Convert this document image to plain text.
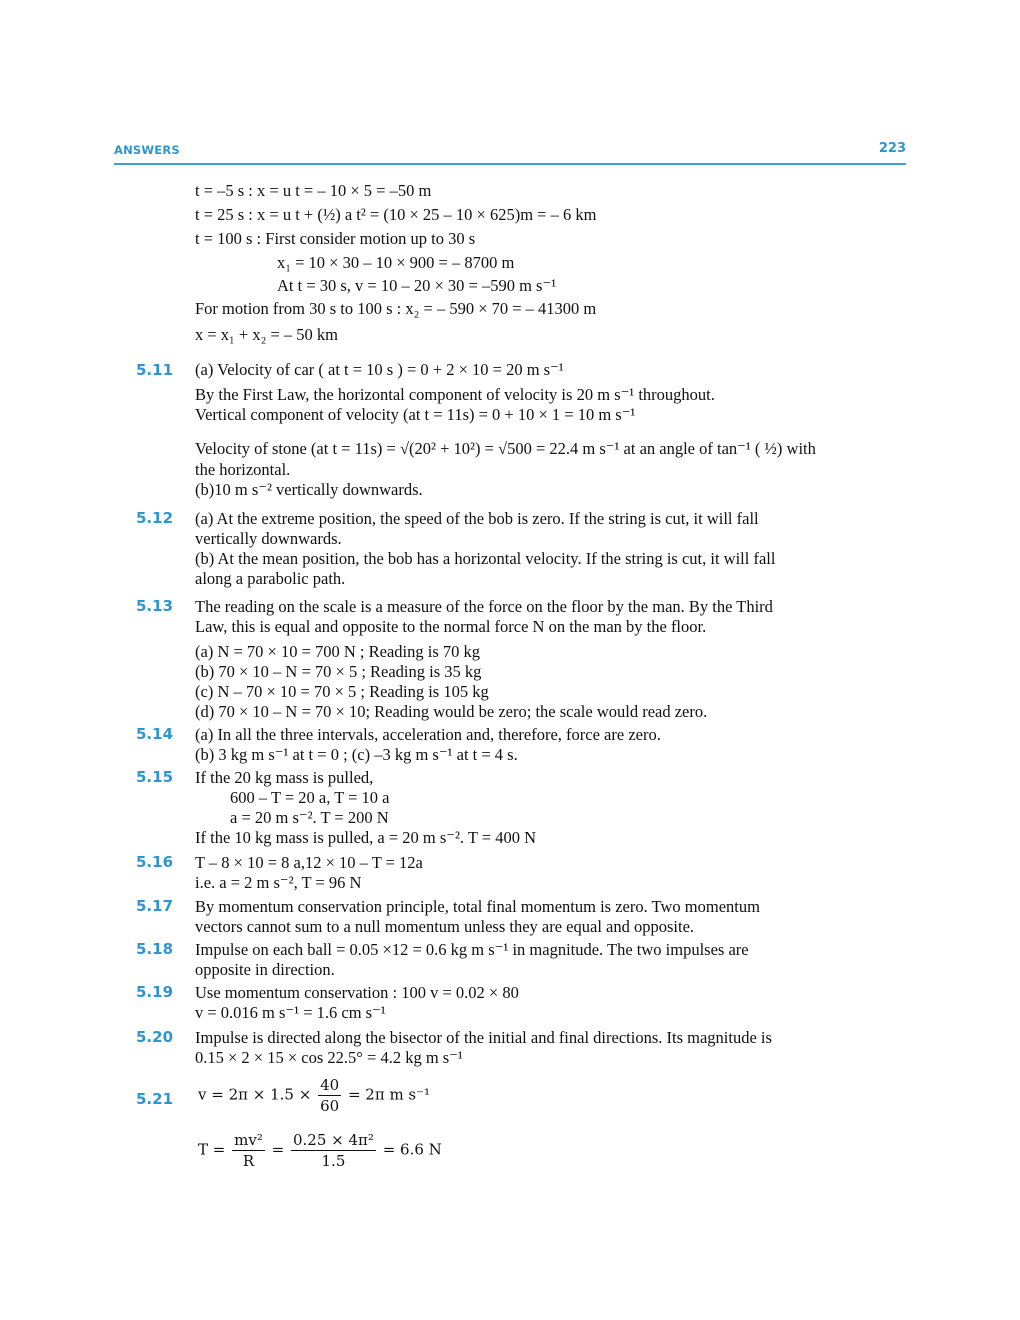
ANSWERS	223
t = –5 s : x = u t = – 10 × 5 = –50 m
t = 25 s : x = u t + (½) a t² = (10 × 25 – 10 × 625)m = – 6 km
t = 100 s : First consider motion up to 30 s
x₁ = 10 × 30 – 10 × 900 = – 8700 m
At t = 30 s, v = 10 – 20 × 30 = –590 m s⁻¹
For motion from 30 s to 100 s : x₂ = – 590 × 70 = – 41300 m
x = x₁ + x₂ = – 50 km
5.11 (a) Velocity of car ( at t = 10 s ) = 0 + 2 × 10 = 20 m s⁻¹
By the First Law, the horizontal component of velocity is 20 m s⁻¹ throughout.
Vertical component of velocity (at t = 11s) = 0 + 10 × 1 = 10 m s⁻¹
Velocity of stone (at t = 11s) = √(20² + 10²) = √500 = 22.4 m s⁻¹ at an angle of tan⁻¹ ( ½) with
the horizontal.
(b)10 m s⁻² vertically downwards.
5.12 (a) At the extreme position, the speed of the bob is zero. If the string is cut, it will fall
vertically downwards.
(b) At the mean position, the bob has a horizontal velocity. If the string is cut, it will fall
along a parabolic path.
5.13 The reading on the scale is a measure of the force on the floor by the man. By the Third
Law, this is equal and opposite to the normal force N on the man by the floor.
(a) N = 70 × 10 = 700 N ; Reading is 70 kg
(b) 70 × 10 – N = 70 × 5 ; Reading is 35 kg
(c) N – 70 × 10 = 70 × 5 ; Reading is 105 kg
(d) 70 × 10 – N = 70 × 10; Reading would be zero; the scale would read zero.
5.14 (a) In all the three intervals, acceleration and, therefore, force are zero.
(b) 3 kg m s⁻¹ at t = 0 ; (c) –3 kg m s⁻¹ at t = 4 s.
5.15 If the 20 kg mass is pulled,
600 – T = 20 a, T = 10 a
a = 20 m s⁻². T = 200 N
If the 10 kg mass is pulled, a = 20 m s⁻². T = 400 N
5.16 T – 8 × 10 = 8 a,12 × 10 – T = 12a
i.e. a = 2 m s⁻², T = 96 N
5.17 By momentum conservation principle, total final momentum is zero. Two momentum
vectors cannot sum to a null momentum unless they are equal and opposite.
5.18 Impulse on each ball = 0.05 ×12 = 0.6 kg m s⁻¹ in magnitude. The two impulses are
opposite in direction.
5.19 Use momentum conservation : 100 v = 0.02 × 80
v = 0.016 m s⁻¹ = 1.6 cm s⁻¹
5.20 Impulse is directed along the bisector of the initial and final directions. Its magnitude is
0.15 × 2 × 15 × cos 22.5° = 4.2 kg m s⁻¹
5.21 $v = 2\pi \times 1.5 \times \frac{40}{60} = 2\pi$ m s⁻¹
$T = \frac{\text{mv²}}{R} = \frac{\text{0.25 × 4π²}}{1.5} = 6.6$ N
